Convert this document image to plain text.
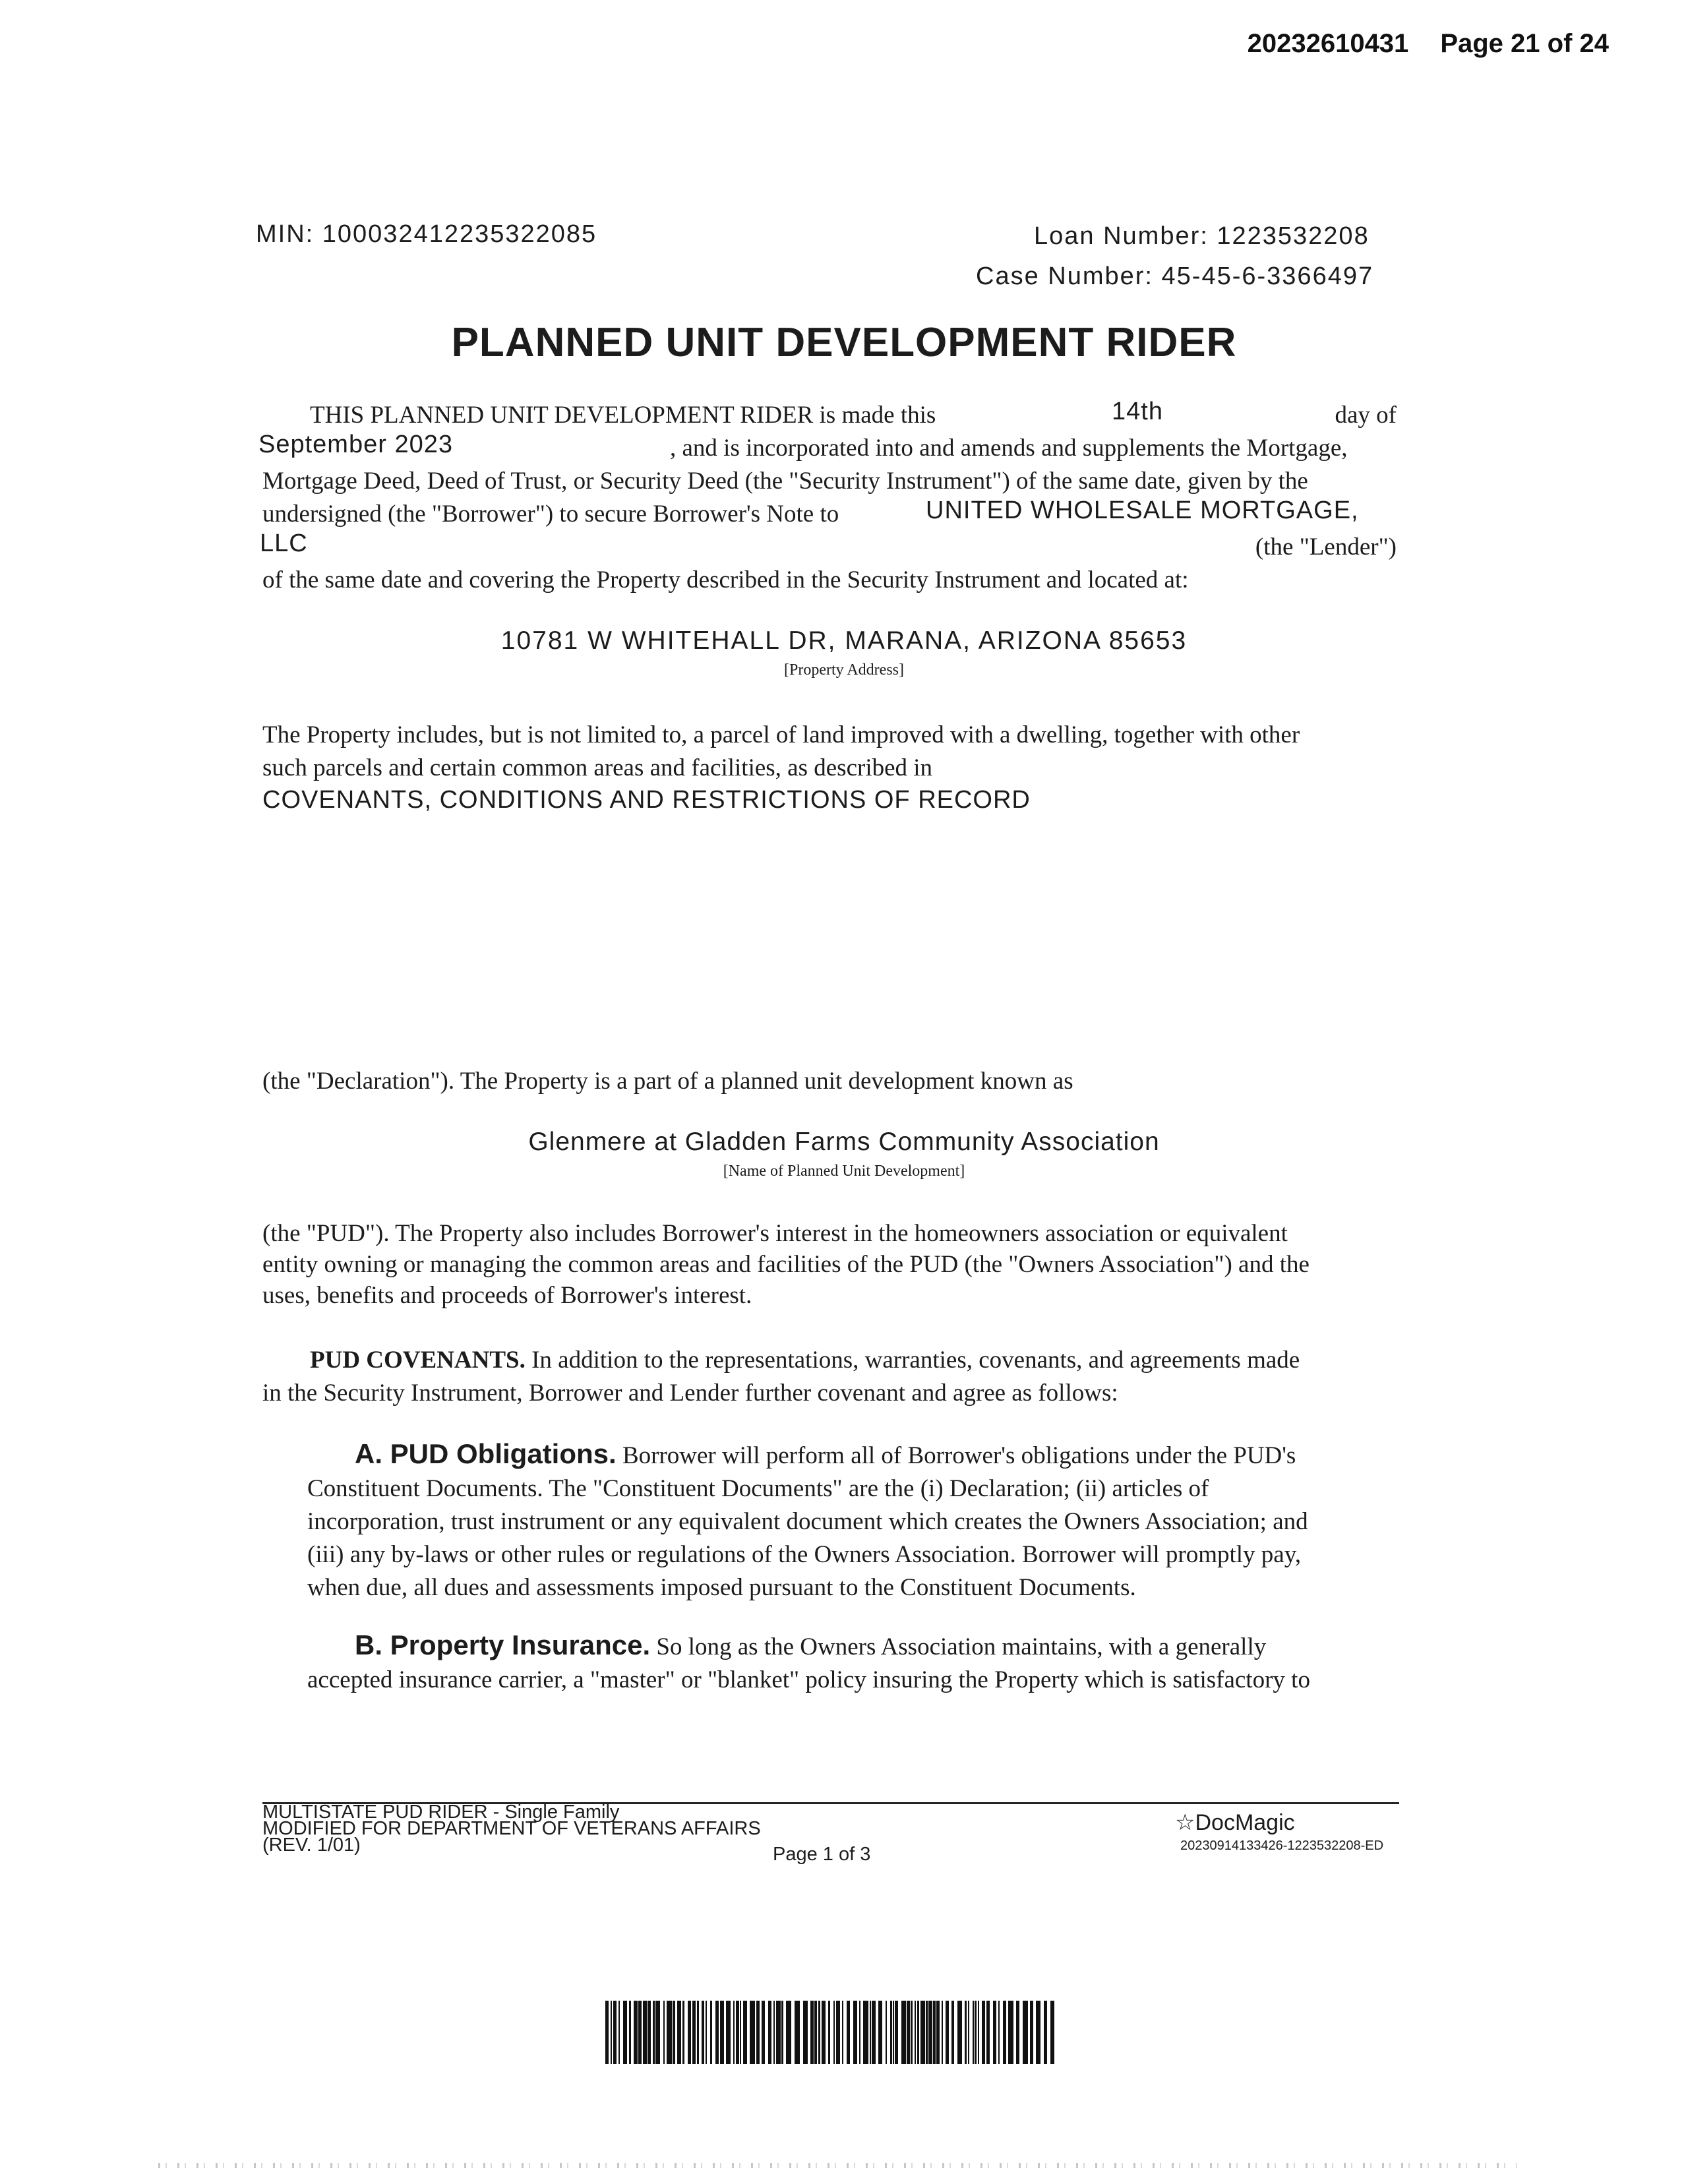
20232610431 Page 21 of 24
MIN: 100032412235322085	Loan Number: 1223532208
Case Number: 45-45-6-3366497
PLANNED UNIT DEVELOPMENT RIDER
THIS PLANNED UNIT DEVELOPMENT RIDER is made this	14th	day of
September 2023	, and is incorporated into and amends and supplements the Mortgage,
Mortgage Deed, Deed of Trust, or Security Deed (the "Security Instrument") of the same date, given by the
undersigned (the "Borrower") to secure Borrower's Note to	UNITED WHOLESALE MORTGAGE,
LLC	(the "Lender")
of the same date and covering the Property described in the Security Instrument and located at:
10781 W WHITEHALL DR, MARANA, ARIZONA 85653
[Property Address]
The Property includes, but is not limited to, a parcel of land improved with a dwelling, together with other
such parcels and certain common areas and facilities, as described in
COVENANTS, CONDITIONS AND RESTRICTIONS OF RECORD
(the "Declaration"). The Property is a part of a planned unit development known as
Glenmere at Gladden Farms Community Association
[Name of Planned Unit Development]
(the "PUD"). The Property also includes Borrower's interest in the homeowners association or equivalent
entity owning or managing the common areas and facilities of the PUD (the "Owners Association") and the
uses, benefits and proceeds of Borrower's interest.
PUD COVENANTS. In addition to the representations, warranties, covenants, and agreements made
in the Security Instrument, Borrower and Lender further covenant and agree as follows:
A. PUD Obligations. Borrower will perform all of Borrower's obligations under the PUD's
Constituent Documents. The "Constituent Documents" are the (i) Declaration; (ii) articles of
incorporation, trust instrument or any equivalent document which creates the Owners Association; and
(iii) any by-laws or other rules or regulations of the Owners Association. Borrower will promptly pay,
when due, all dues and assessments imposed pursuant to the Constituent Documents.
B. Property Insurance. So long as the Owners Association maintains, with a generally
accepted insurance carrier, a "master" or "blanket" policy insuring the Property which is satisfactory to
MULTISTATE PUD RIDER - Single Family
MODIFIED FOR DEPARTMENT OF VETERANS AFFAIRS
(REV. 1/01)	Page 1 of 3
☆DocMagic
20230914133426-1223532208-ED
